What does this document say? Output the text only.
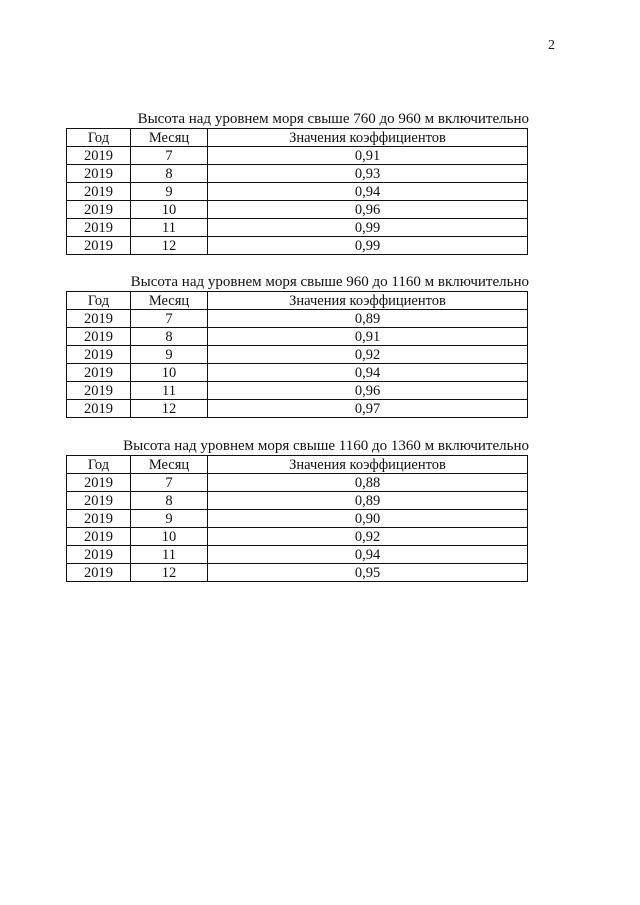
2
Высота над уровнем моря свыше 760 до 960 м включительно
Год	Месяц	Значения коэффициентов
2019	7	0,91
2019	8	0,93
2019	9	0,94
2019	10	0,96
2019	11	0,99
2019	12	0,99
Высота над уровнем моря свыше 960 до 1160 м включительно
Год	Месяц	Значения коэффициентов
2019	7	0,89
2019	8	0,91
2019	9	0,92
2019	10	0,94
2019	11	0,96
2019	12	0,97
Высота над уровнем моря свыше 1160 до 1360 м включительно
Год	Месяц	Значения коэффициентов
2019	7	0,88
2019	8	0,89
2019	9	0,90
2019	10	0,92
2019	11	0,94
2019	12	0,95
